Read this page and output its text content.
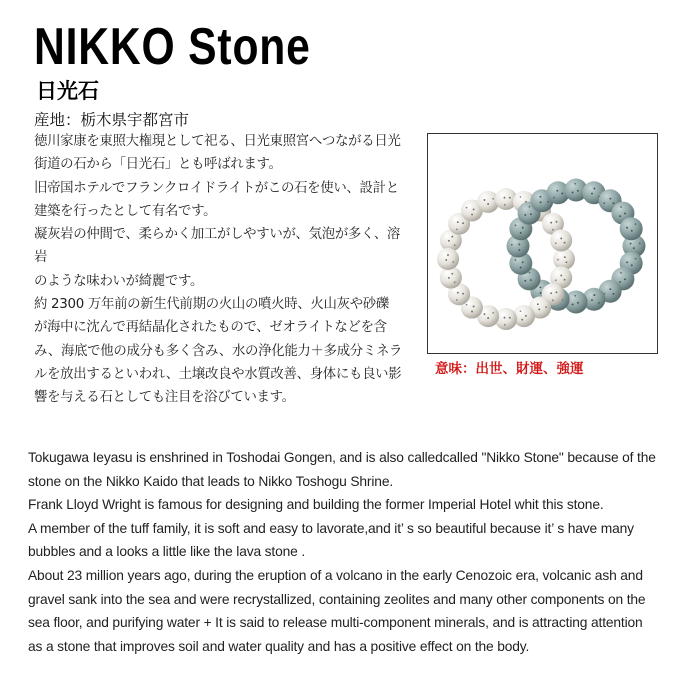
NIKKO Stone
日光石

産地：栃木県宇都宮市

徳川家康を東照大権現として祀る、日光東照宮へつながる日光

街道の石から「日光石」とも呼ばれます。

旧帝国ホテルでフランクロイドライトがこの石を使い、設計と

建築を行ったとして有名です。

凝灰岩の仲間で、柔らかく加工がしやすいが、気泡が多く、溶岩

のような味わいが綺麗です。

約 2300 万年前の新生代前期の火山の噴火時、火山灰や砂礫

が海中に沈んで再結晶化されたもので、ゼオライトなどを含

み、海底で他の成分も多く含み、水の浄化能力＋多成分ミネラ

ルを放出するといわれ、土壌改良や水質改善、身体にも良い影

響を与える石としても注目を浴びています。

意味：出世、財運、強運

Tokugawa Ieyasu is enshrined in Toshodai Gongen, and is also calledcalled "Nikko Stone" because of the

stone on the Nikko Kaido that leads to Nikko Toshogu Shrine.

Frank Lloyd Wright is famous for designing and building the former Imperial Hotel whit this stone.

A member of the tuff family, it is soft and easy to lavorate,and it’ s so beautiful because it’ s have many

bubbles and a looks a little like the lava stone .

About 23 million years ago, during the eruption of a volcano in the early Cenozoic era, volcanic ash and

gravel sank into the sea and were recrystallized, containing zeolites and many other components on the

sea floor, and purifying water + It is said to release multi-component minerals, and is attracting attention

as a stone that improves soil and water quality and has a positive effect on the body.
